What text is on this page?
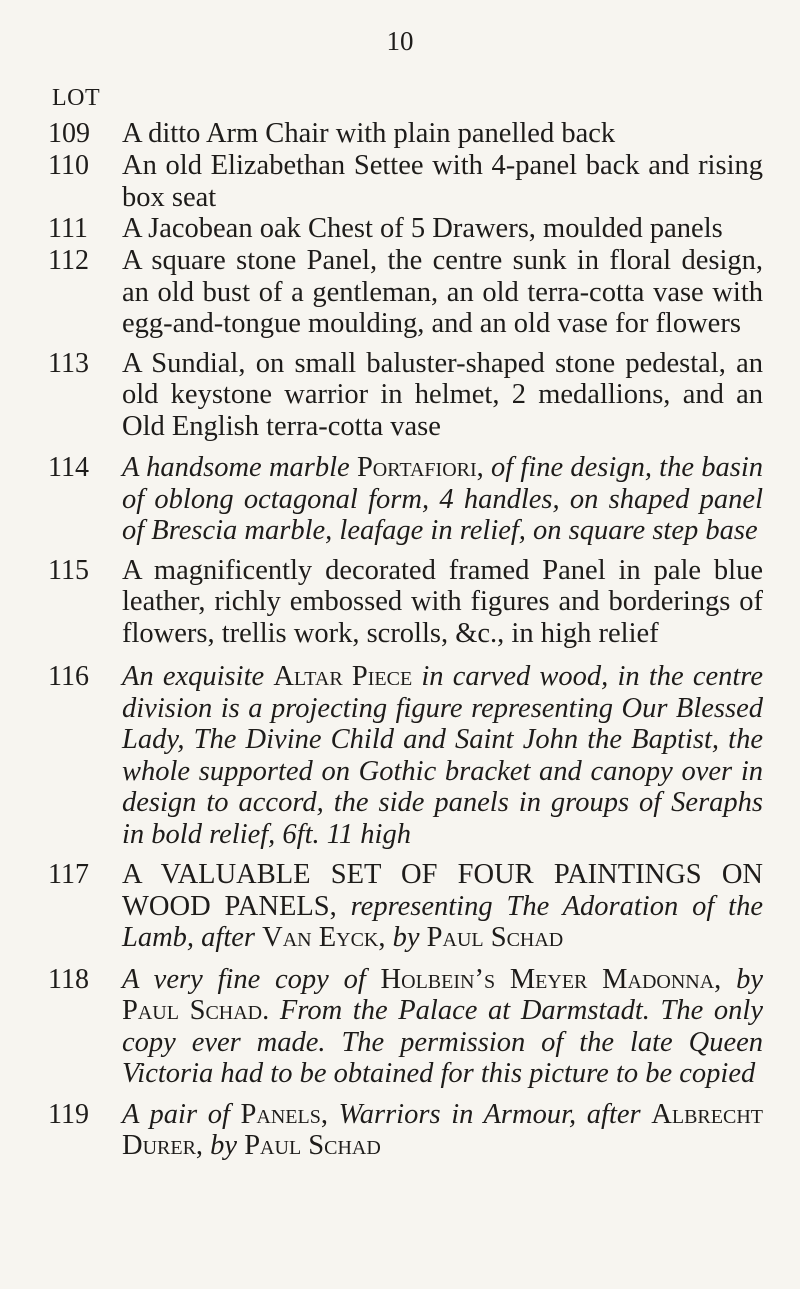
10
LOT
109	A ditto Arm Chair with plain panelled back
110	An old Elizabethan Settee with 4-panel back and rising box seat
111	A Jacobean oak Chest of 5 Drawers, moulded panels
112	A square stone Panel, the centre sunk in floral design, an old bust of a gentleman, an old terra-cotta vase with egg-and-tongue moulding, and an old vase for flowers
113	A Sundial, on small baluster-shaped stone pedestal, an old keystone warrior in helmet, 2 medallions, and an Old English terra-cotta vase
114	A handsome marble Portafiori, of fine design, the basin of oblong octagonal form, 4 handles, on shaped panel of Brescia marble, leafage in relief, on square step base
115	A magnificently decorated framed Panel in pale blue leather, richly embossed with figures and borderings of flowers, trellis work, scrolls, &c., in high relief
116	An exquisite Altar Piece in carved wood, in the centre division is a projecting figure representing Our Blessed Lady, The Divine Child and Saint John the Baptist, the whole supported on Gothic bracket and canopy over in design to accord, the side panels in groups of Seraphs in bold relief, 6ft. 11 high
117	A VALUABLE SET OF FOUR PAINTINGS ON WOOD PANELS, representing The Adoration of the Lamb, after Van Eyck, by Paul Schad
118	A very fine copy of Holbein’s Meyer Madonna, by Paul Schad. From the Palace at Darmstadt. The only copy ever made. The permission of the late Queen Victoria had to be obtained for this picture to be copied
119	A pair of Panels, Warriors in Armour, after Albrecht Durer, by Paul Schad
